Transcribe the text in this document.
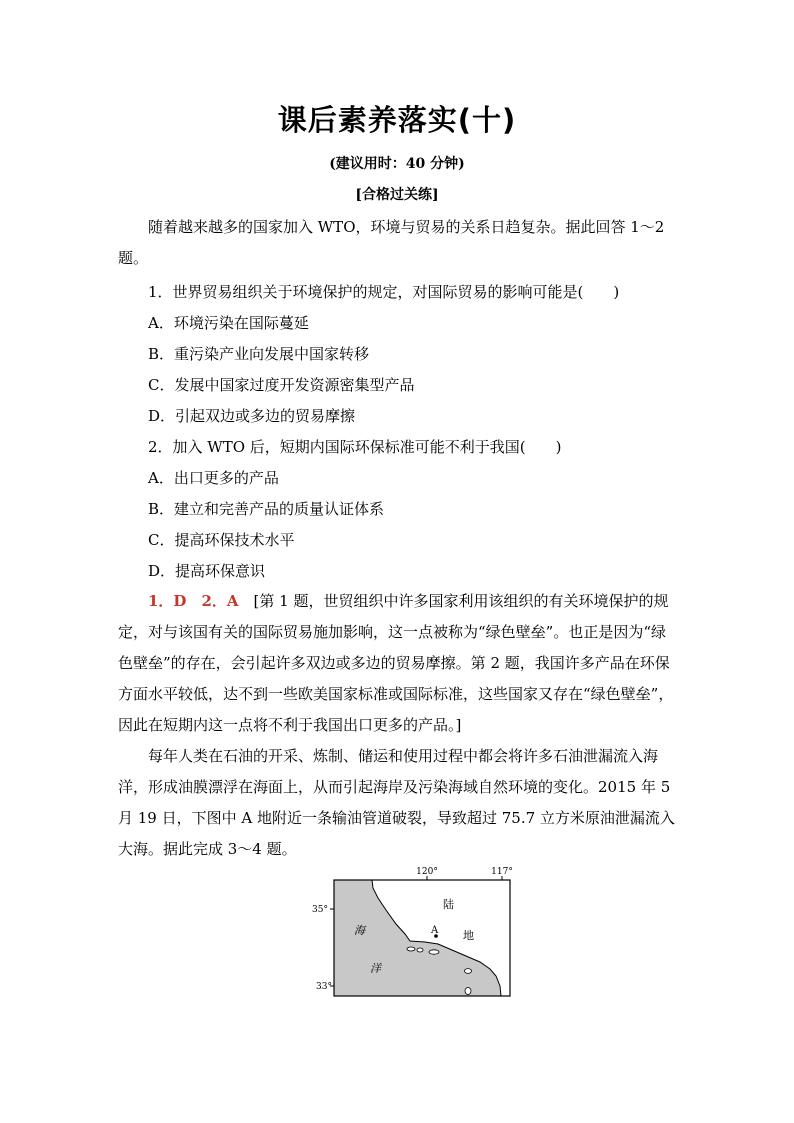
课后素养落实(十)
(建议用时：40 分钟)
[合格过关练]
随着越来越多的国家加入 WTO，环境与贸易的关系日趋复杂。据此回答 1～2 题。
1．世界贸易组织关于环境保护的规定，对国际贸易的影响可能是(　　)
A．环境污染在国际蔓延
B．重污染产业向发展中国家转移
C．发展中国家过度开发资源密集型产品
D．引起双边或多边的贸易摩擦
2．加入 WTO 后，短期内国际环保标准可能不利于我国(　　)
A．出口更多的产品
B．建立和完善产品的质量认证体系
C．提高环保技术水平
D．提高环保意识
1．D　2．A　 [第 1 题，世贸组织中许多国家利用该组织的有关环境保护的规定，对与该国有关的国际贸易施加影响，这一点被称为“绿色壁垒”。也正是因为“绿色壁垒”的存在，会引起许多双边或多边的贸易摩擦。第 2 题，我国许多产品在环保方面水平较低，达不到一些欧美国家标准或国际标准，这些国家又存在“绿色壁垒”，因此在短期内这一点将不利于我国出口更多的产品。]
每年人类在石油的开采、炼制、储运和使用过程中都会将许多石油泄漏流入海洋，形成油膜漂浮在海面上，从而引起海岸及污染海域自然环境的变化。2015 年 5 月 19 日，下图中 A 地附近一条输油管道破裂，导致超过 75.7 立方米原油泄漏流入大海。据此完成 3～4 题。
120°	117°
35°
33°
陆
地
海
洋
A
